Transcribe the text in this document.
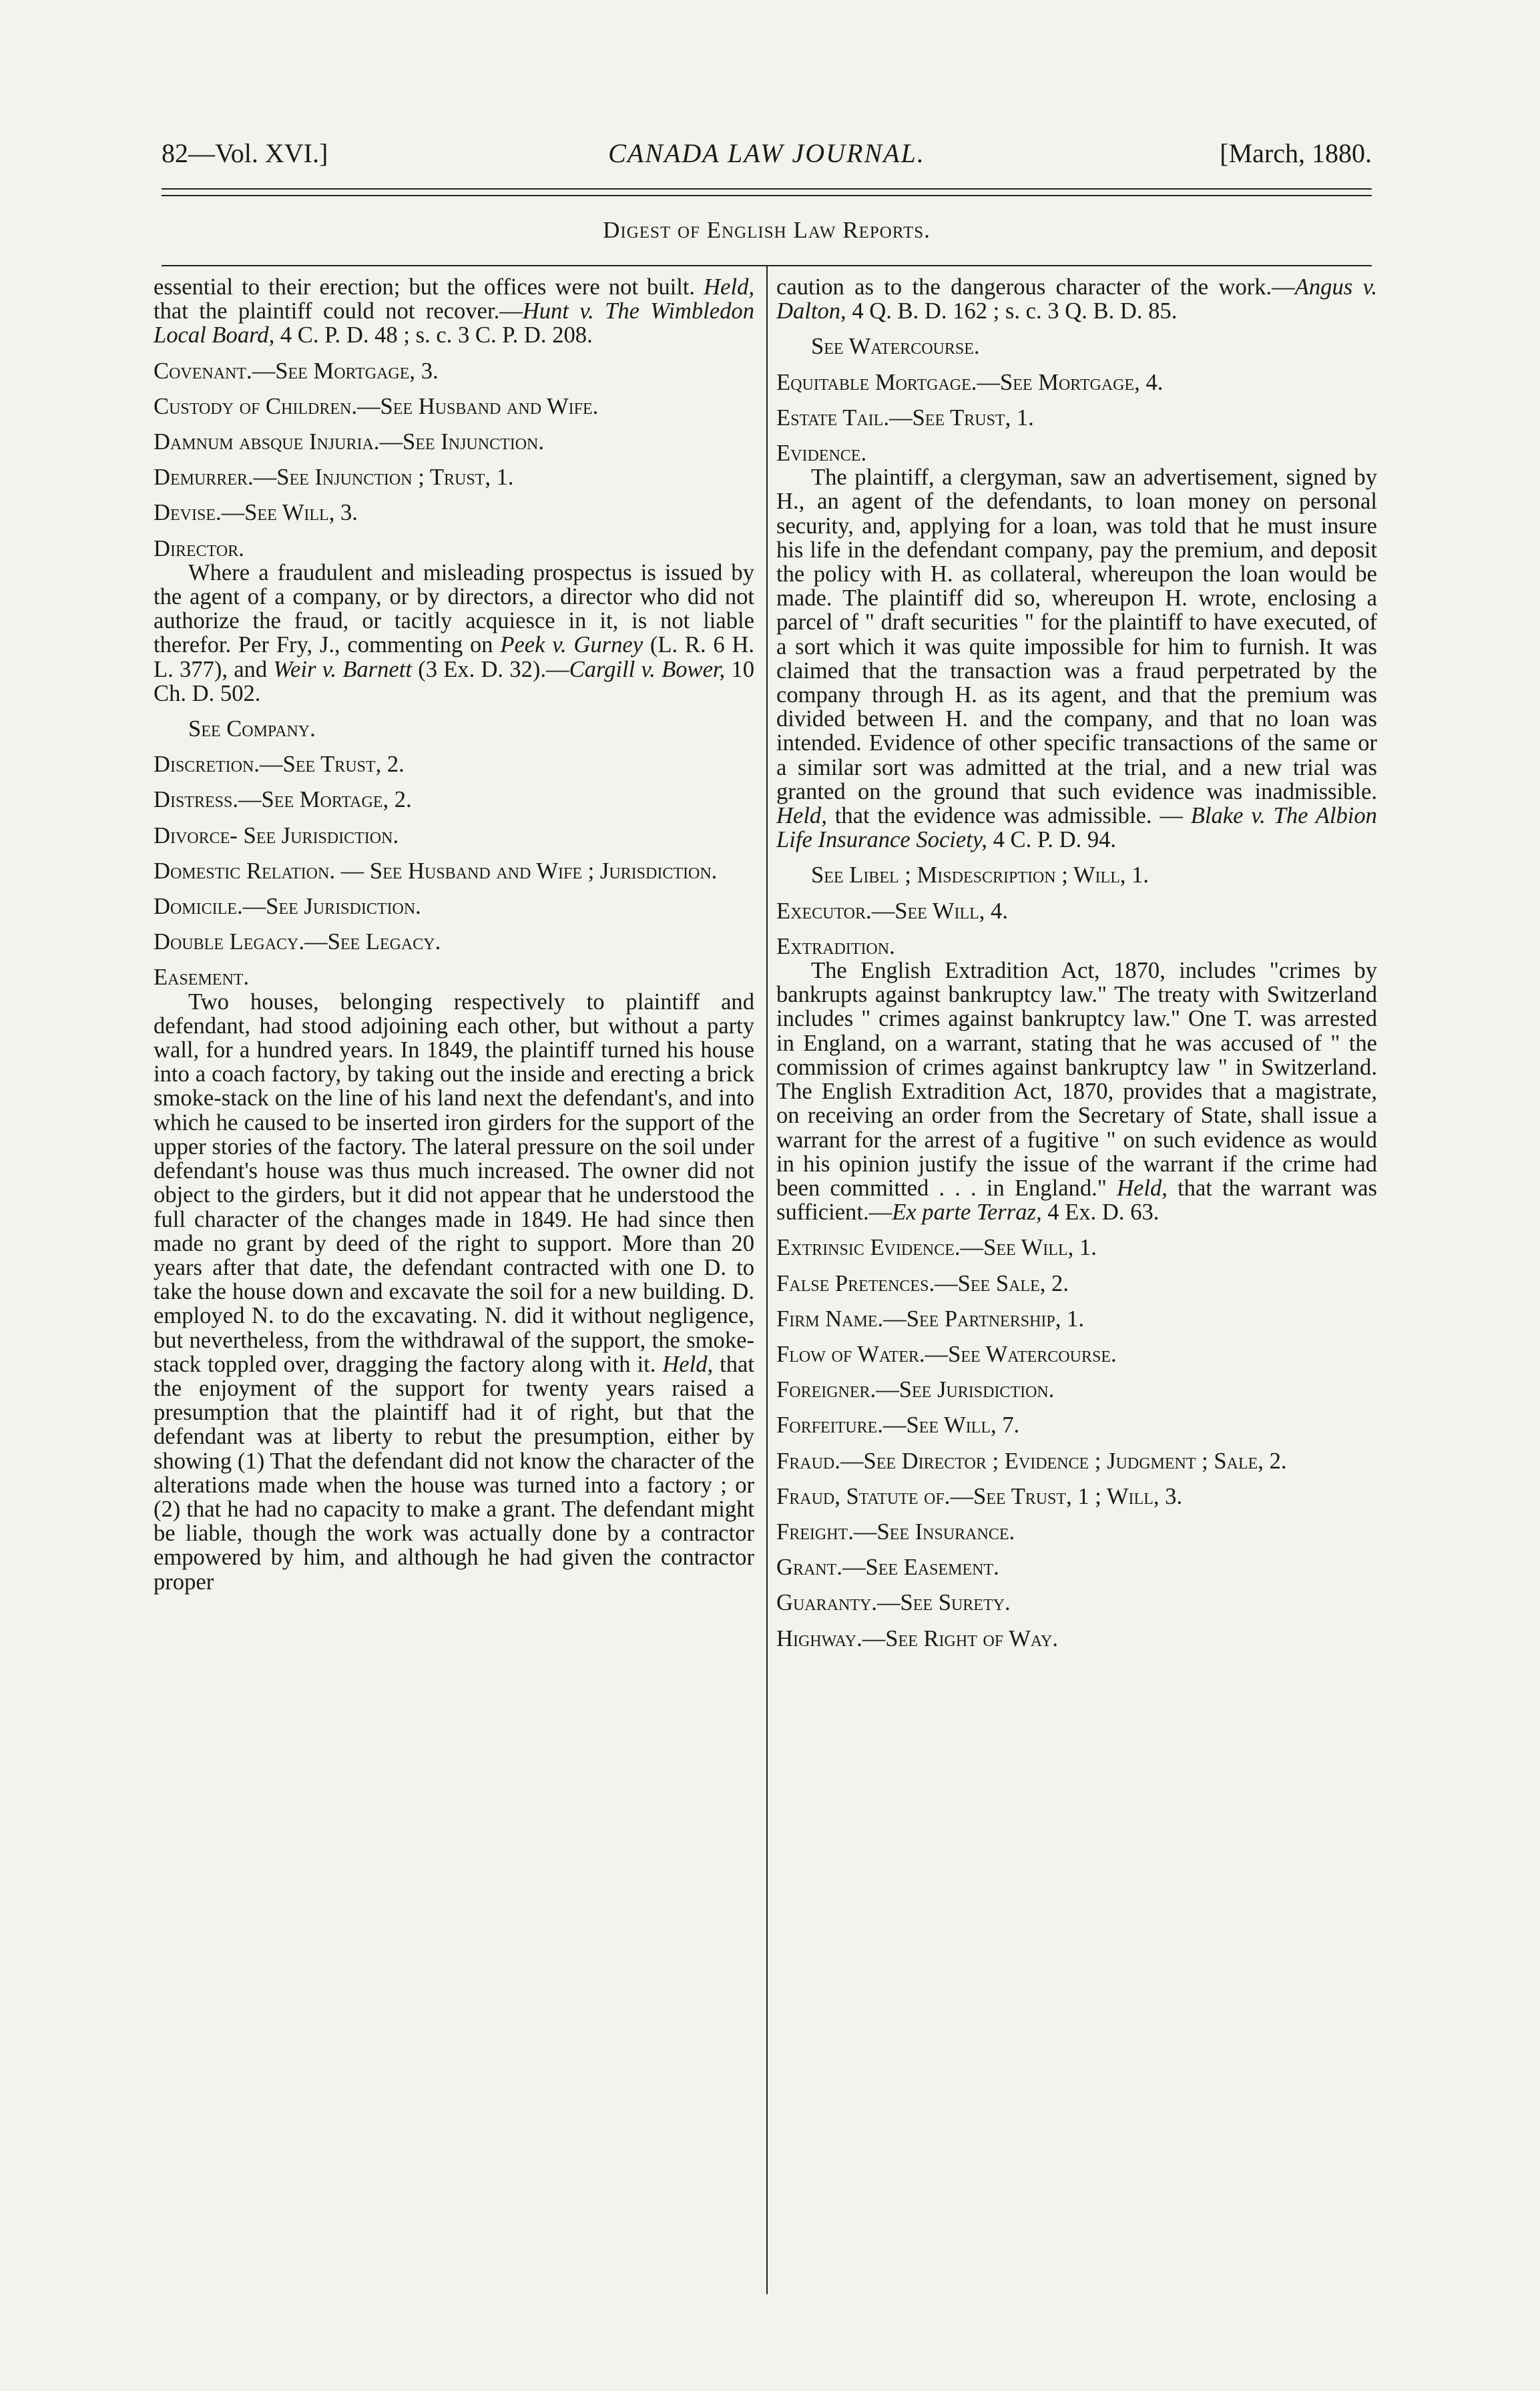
82—Vol. XVI.]	CANADA LAW JOURNAL.	[March, 1880.
Digest of English Law Reports.

essential to their erection; but the offices were not built. Held, that the plaintiff could not recover.—Hunt v. The Wimbledon Local Board, 4 C. P. D. 48 ; s. c. 3 C. P. D. 208.

Covenant.—See Mortgage, 3.

Custody of Children.—See Husband and Wife.

Damnum absque Injuria.—See Injunction.

Demurrer.—See Injunction ; Trust, 1.

Devise.—See Will, 3.

Director.

Where a fraudulent and misleading prospectus is issued by the agent of a company, or by directors, a director who did not authorize the fraud, or tacitly acquiesce in it, is not liable therefor. Per Fry, J., commenting on Peek v. Gurney (L. R. 6 H. L. 377), and Weir v. Barnett (3 Ex. D. 32).—Cargill v. Bower, 10 Ch. D. 502.

See Company.

Discretion.—See Trust, 2.

Distress.—See Mortage, 2.

Divorce- See Jurisdiction.

Domestic Relation. — See Husband and Wife ; Jurisdiction.

Domicile.—See Jurisdiction.

Double Legacy.—See Legacy.

Easement.

Two houses, belonging respectively to plaintiff and defendant, had stood adjoining each other, but without a party wall, for a hundred years. In 1849, the plaintiff turned his house into a coach factory, by taking out the inside and erecting a brick smoke-stack on the line of his land next the defendant's, and into which he caused to be inserted iron girders for the support of the upper stories of the factory. The lateral pressure on the soil under defendant's house was thus much increased. The owner did not object to the girders, but it did not appear that he understood the full character of the changes made in 1849. He had since then made no grant by deed of the right to support. More than 20 years after that date, the defendant contracted with one D. to take the house down and excavate the soil for a new building. D. employed N. to do the excavating. N. did it without negligence, but nevertheless, from the withdrawal of the support, the smoke-stack toppled over, dragging the factory along with it. Held, that the enjoyment of the support for twenty years raised a presumption that the plaintiff had it of right, but that the defendant was at liberty to rebut the presumption, either by showing (1) That the defendant did not know the character of the alterations made when the house was turned into a factory ; or (2) that he had no capacity to make a grant. The defendant might be liable, though the work was actually done by a contractor empowered by him, and although he had given the contractor proper

caution as to the dangerous character of the work.—Angus v. Dalton, 4 Q. B. D. 162 ; s. c. 3 Q. B. D. 85.

See Watercourse.

Equitable Mortgage.—See Mortgage, 4.

Estate Tail.—See Trust, 1.

Evidence.

The plaintiff, a clergyman, saw an advertisement, signed by H., an agent of the defendants, to loan money on personal security, and, applying for a loan, was told that he must insure his life in the defendant company, pay the premium, and deposit the policy with H. as collateral, whereupon the loan would be made. The plaintiff did so, whereupon H. wrote, enclosing a parcel of " draft securities " for the plaintiff to have executed, of a sort which it was quite impossible for him to furnish. It was claimed that the transaction was a fraud perpetrated by the company through H. as its agent, and that the premium was divided between H. and the company, and that no loan was intended. Evidence of other specific transactions of the same or a similar sort was admitted at the trial, and a new trial was granted on the ground that such evidence was inadmissible. Held, that the evidence was admissible. — Blake v. The Albion Life Insurance Society, 4 C. P. D. 94.

See Libel ; Misdescription ; Will, 1.

Executor.—See Will, 4.

Extradition.

The English Extradition Act, 1870, includes "crimes by bankrupts against bankruptcy law." The treaty with Switzerland includes " crimes against bankruptcy law." One T. was arrested in England, on a warrant, stating that he was accused of " the commission of crimes against bankruptcy law " in Switzerland. The English Extradition Act, 1870, provides that a magistrate, on receiving an order from the Secretary of State, shall issue a warrant for the arrest of a fugitive " on such evidence as would in his opinion justify the issue of the warrant if the crime had been committed . . . in England." Held, that the warrant was sufficient.—Ex parte Terraz, 4 Ex. D. 63.

Extrinsic Evidence.—See Will, 1.

False Pretences.—See Sale, 2.

Firm Name.—See Partnership, 1.

Flow of Water.—See Watercourse.

Foreigner.—See Jurisdiction.

Forfeiture.—See Will, 7.

Fraud.—See Director ; Evidence ; Judgment ; Sale, 2.

Fraud, Statute of.—See Trust, 1 ; Will, 3.

Freight.—See Insurance.

Grant.—See Easement.

Guaranty.—See Surety.

Highway.—See Right of Way.
